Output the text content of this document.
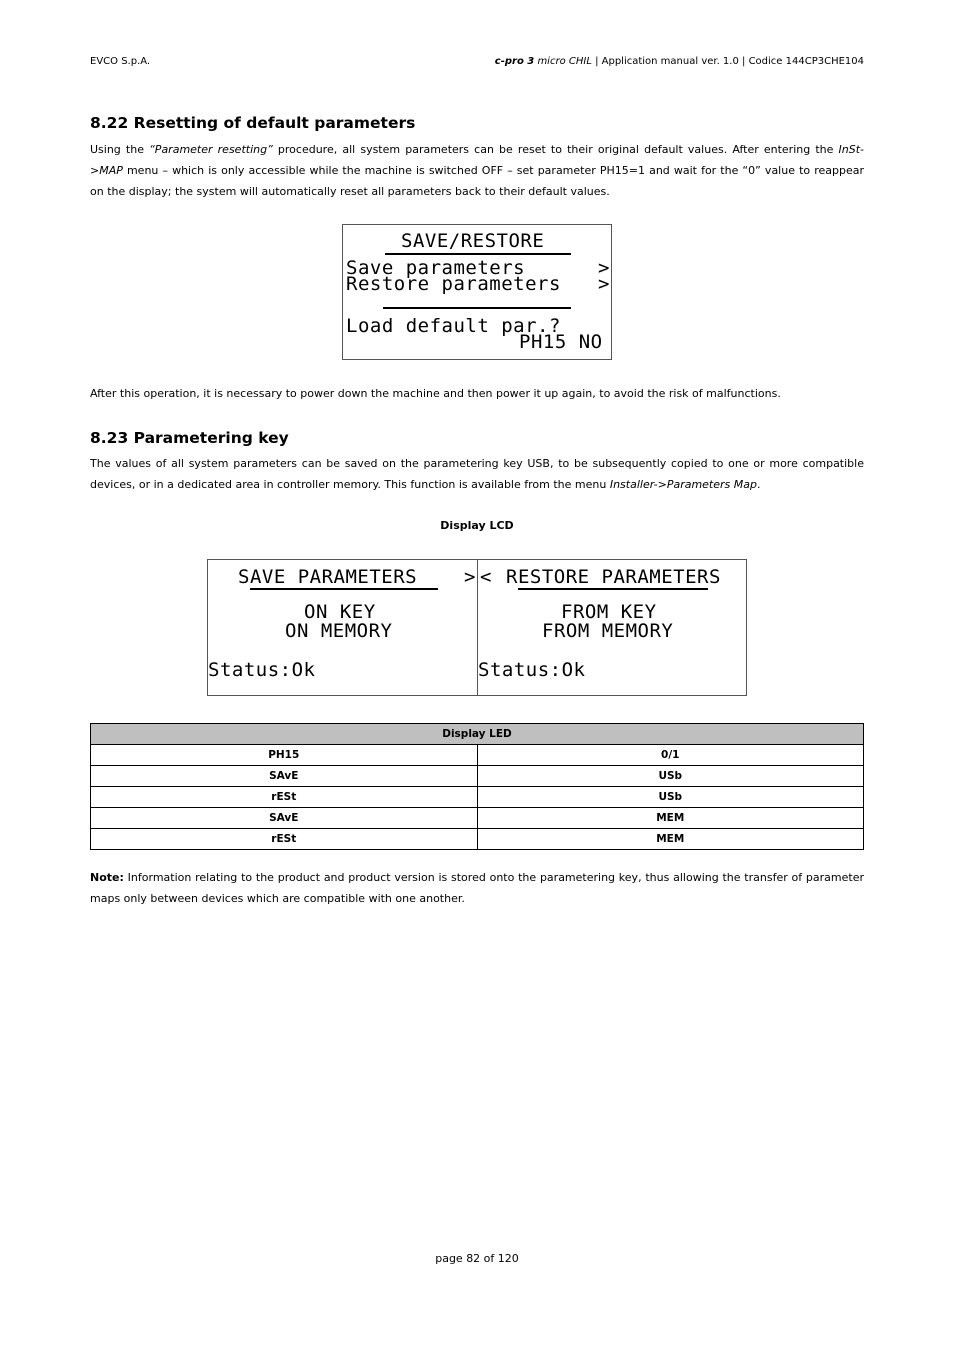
EVCO S.p.A.	c-pro 3 micro CHIL | Application manual ver. 1.0 | Codice 144CP3CHE104
8.22 Resetting of default parameters

Using the “Parameter resetting” procedure, all system parameters can be reset to their original default values. After entering the InSt->MAP menu – which is only accessible while the machine is switched OFF – set parameter PH15=1 and wait for the “0” value to reappear on the display; the system will automatically reset all parameters back to their default values.

SAVE/RESTORE
Save parameters	>
Restore parameters >
Load default par.?
PH15 NO

After this operation, it is necessary to power down the machine and then power it up again, to avoid the risk of malfunctions.

8.23 Parametering key

The values of all system parameters can be saved on the parametering key USB, to be subsequently copied to one or more compatible devices, or in a dedicated area in controller memory. This function is available from the menu Installer->Parameters Map.

Display LCD
SAVE PARAMETERS >
ON KEY
ON MEMORY
Status:Ok
< RESTORE PARAMETERS
FROM KEY
FROM MEMORY
Status:Ok
Display LED	
PH15	0/1
SAvE	USb
rESt	USb
SAvE	MEM
rESt	MEM

Note: Information relating to the product and product version is stored onto the parametering key, thus allowing the transfer of parameter maps only between devices which are compatible with one another.

page 82 of 120
